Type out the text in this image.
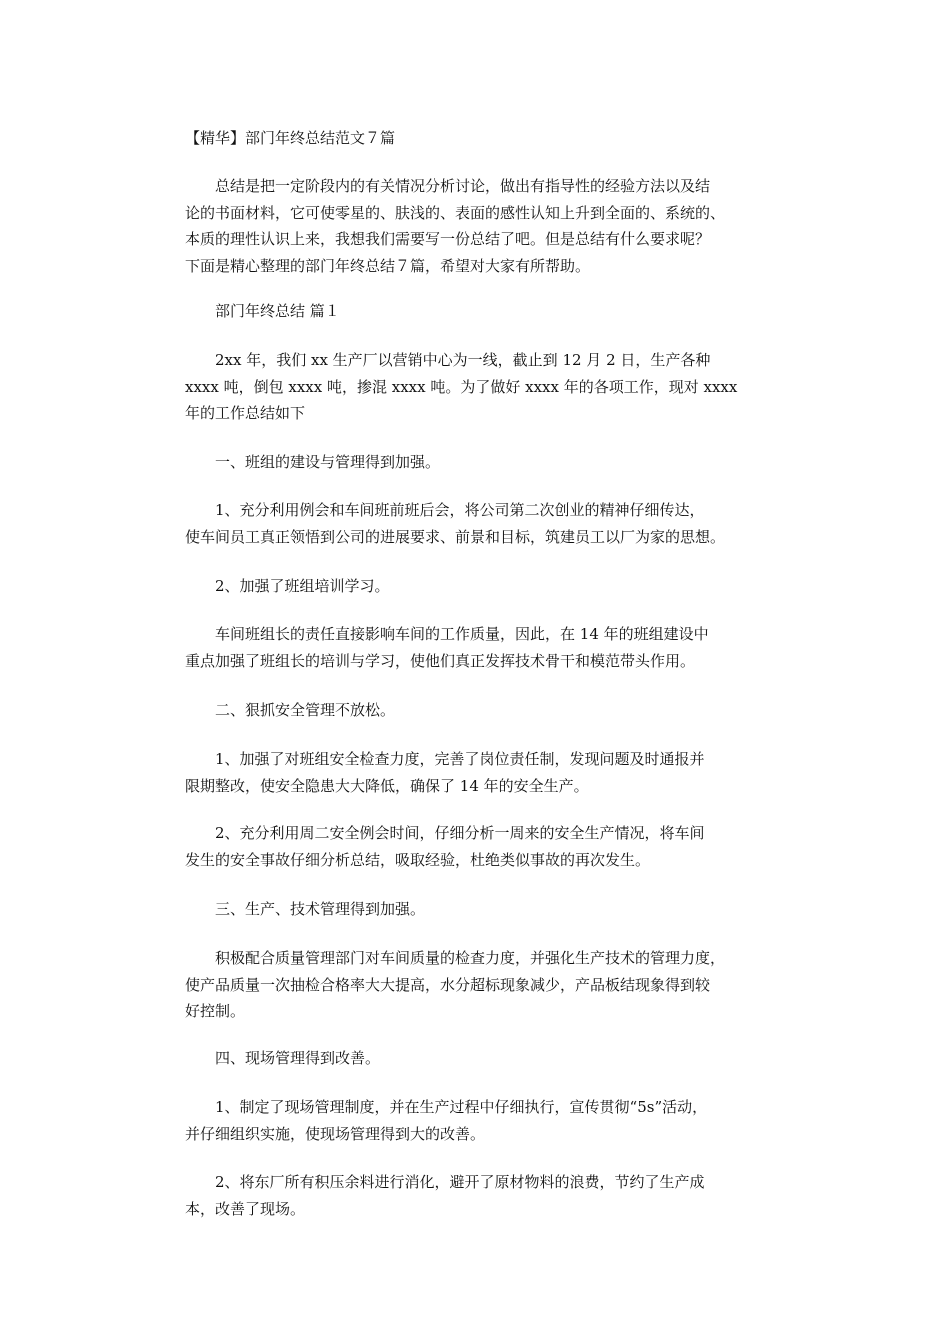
【精华】部门年终总结范文７篇
总结是把一定阶段内的有关情况分析讨论，做出有指导性的经验方法以及结
论的书面材料，它可使零星的、肤浅的、表面的感性认知上升到全面的、系统的、
本质的理性认识上来，我想我们需要写一份总结了吧。但是总结有什么要求呢？
下面是精心整理的部门年终总结７篇，希望对大家有所帮助。
部门年终总结 篇１
2xx 年，我们 xx 生产厂以营销中心为一线，截止到 12 月 2 日，生产各种
xxxx 吨，倒包 xxxx 吨，掺混 xxxx 吨。为了做好 xxxx 年的各项工作，现对 xxxx
年的工作总结如下
一、班组的建设与管理得到加强。
1、充分利用例会和车间班前班后会，将公司第二次创业的精神仔细传达，
使车间员工真正领悟到公司的进展要求、前景和目标，筑建员工以厂为家的思想。
2、加强了班组培训学习。
车间班组长的责任直接影响车间的工作质量，因此，在 14 年的班组建设中
重点加强了班组长的培训与学习，使他们真正发挥技术骨干和模范带头作用。
二、狠抓安全管理不放松。
1、加强了对班组安全检查力度，完善了岗位责任制，发现问题及时通报并
限期整改，使安全隐患大大降低，确保了 14 年的安全生产。
2、充分利用周二安全例会时间，仔细分析一周来的安全生产情况，将车间
发生的安全事故仔细分析总结，吸取经验，杜绝类似事故的再次发生。
三、生产、技术管理得到加强。
积极配合质量管理部门对车间质量的检查力度，并强化生产技术的管理力度，
使产品质量一次抽检合格率大大提高，水分超标现象减少，产品板结现象得到较
好控制。
四、现场管理得到改善。
1、制定了现场管理制度，并在生产过程中仔细执行，宣传贯彻“5s”活动，
并仔细组织实施，使现场管理得到大的改善。
2、将东厂所有积压余料进行消化，避开了原材物料的浪费，节约了生产成
本，改善了现场。
